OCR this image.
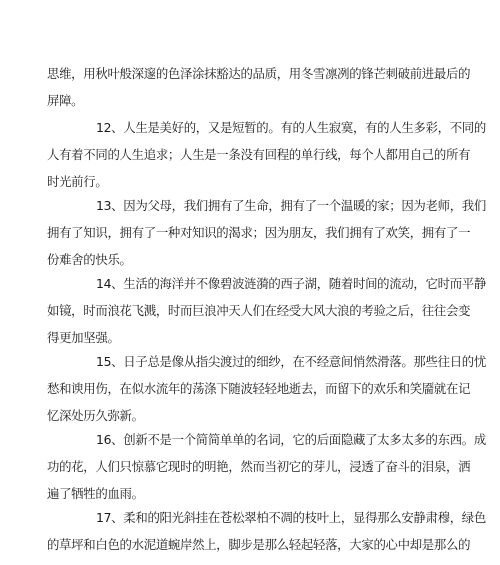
思维，用秋叶般深邃的色泽涂抹豁达的品质，用冬雪凛冽的锋芒刺破前进最后的
屏障。
12、人生是美好的，又是短暂的。有的人生寂寞，有的人生多彩，不同的
人有着不同的人生追求；人生是一条没有回程的单行线，每个人都用自己的所有
时光前行。
13、因为父母，我们拥有了生命，拥有了一个温暖的家；因为老师，我们
拥有了知识，拥有了一种对知识的渴求；因为朋友，我们拥有了欢笑，拥有了一
份难舍的快乐。
14、生活的海洋并不像碧波涟漪的西子湖，随着时间的流动，它时而平静
如镜，时而浪花飞溅，时而巨浪冲天人们在经受大风大浪的考验之后，往往会变
得更加坚强。
15、日子总是像从指尖渡过的细纱，在不经意间悄然滑落。那些往日的忧
愁和谀用伤，在似水流年的荡涤下随波轻轻地逝去，而留下的欢乐和笑靥就在记
忆深处历久弥新。
16、创新不是一个简简单单的名词，它的后面隐藏了太多太多的东西。成
功的花，人们只惊慕它现时的明艳，然而当初它的芽儿，浸透了奋斗的泪泉，洒
遍了牺牲的血雨。
17、柔和的阳光斜挂在苍松翠柏不凋的枝叶上，显得那么安静肃穆，绿色
的草坪和白色的水泥道蜿岸然上，脚步是那么轻起轻落，大家的心中却是那么的
